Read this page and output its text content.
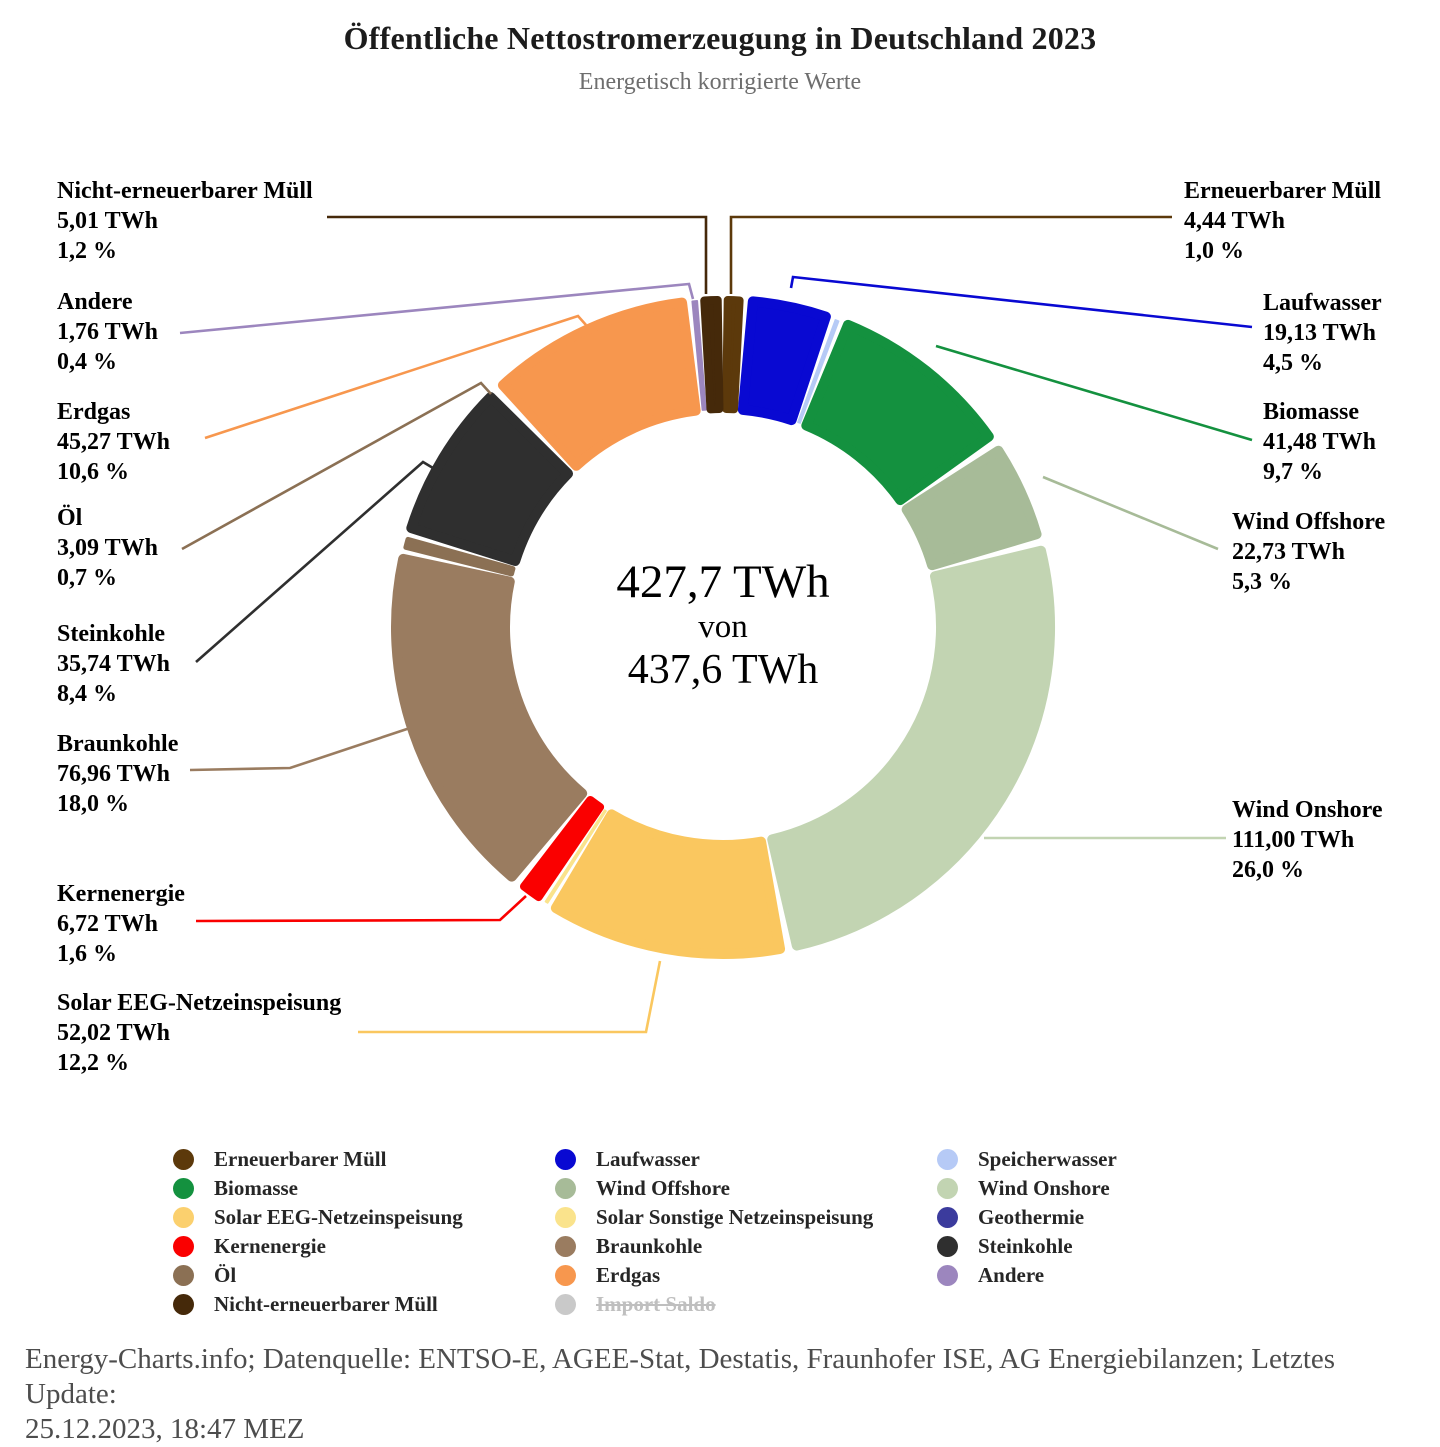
Öffentliche Nettostromerzeugung in Deutschland 2023
Energetisch korrigierte Werte
427,7 TWh
von
437,6 TWh
Erneuerbarer Müll
4,44 TWh
1,0 %
Laufwasser
19,13 TWh
4,5 %
Biomasse
41,48 TWh
9,7 %
Wind Offshore
22,73 TWh
5,3 %
Wind Onshore
111,00 TWh
26,0 %
Solar EEG-Netzeinspeisung
52,02 TWh
12,2 %
Kernenergie
6,72 TWh
1,6 %
Braunkohle
76,96 TWh
18,0 %
Öl
3,09 TWh
0,7 %
Steinkohle
35,74 TWh
8,4 %
Erdgas
45,27 TWh
10,6 %
Andere
1,76 TWh
0,4 %
Nicht-erneuerbarer Müll
5,01 TWh
1,2 %
Erneuerbarer Müll
Biomasse
Solar EEG-Netzeinspeisung
Kernenergie
Öl
Nicht-erneuerbarer Müll
Laufwasser
Wind Offshore
Solar Sonstige Netzeinspeisung
Braunkohle
Erdgas
Import Saldo
Speicherwasser
Wind Onshore
Geothermie
Steinkohle
Andere
Energy-Charts.info; Datenquelle: ENTSO-E, AGEE-Stat, Destatis, Fraunhofer ISE, AG Energiebilanzen; Letztes Update:
25.12.2023, 18:47 MEZ
